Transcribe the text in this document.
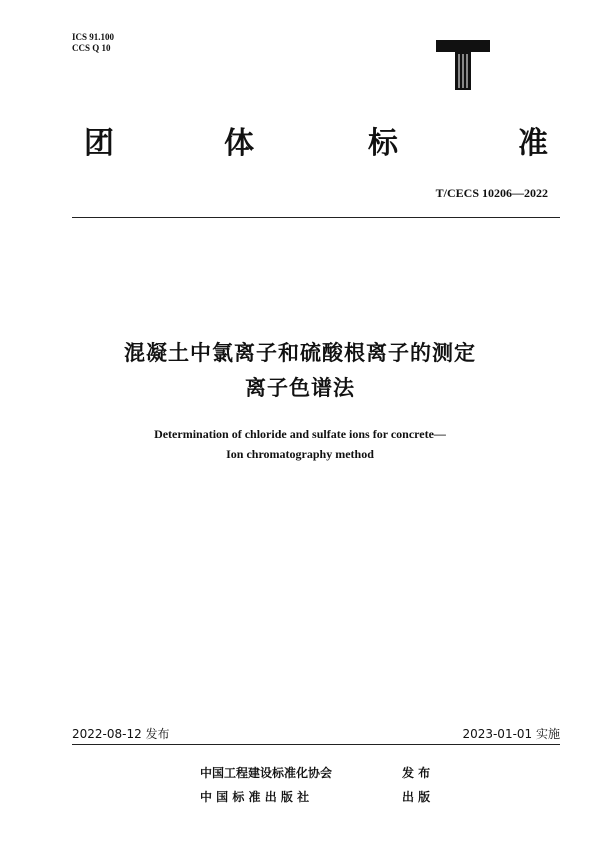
ICS 91.100
CCS Q 10
团	体	标	准
T/CECS 10206—2022
混凝土中氯离子和硫酸根离子的测定
离子色谱法
Determination of chloride and sulfate ions for concrete—
Ion chromatography method
2022-08-12 发布	2023-01-01 实施
中国工程建设标准化协会	发 布
中 国 标 准 出 版 社	出 版
